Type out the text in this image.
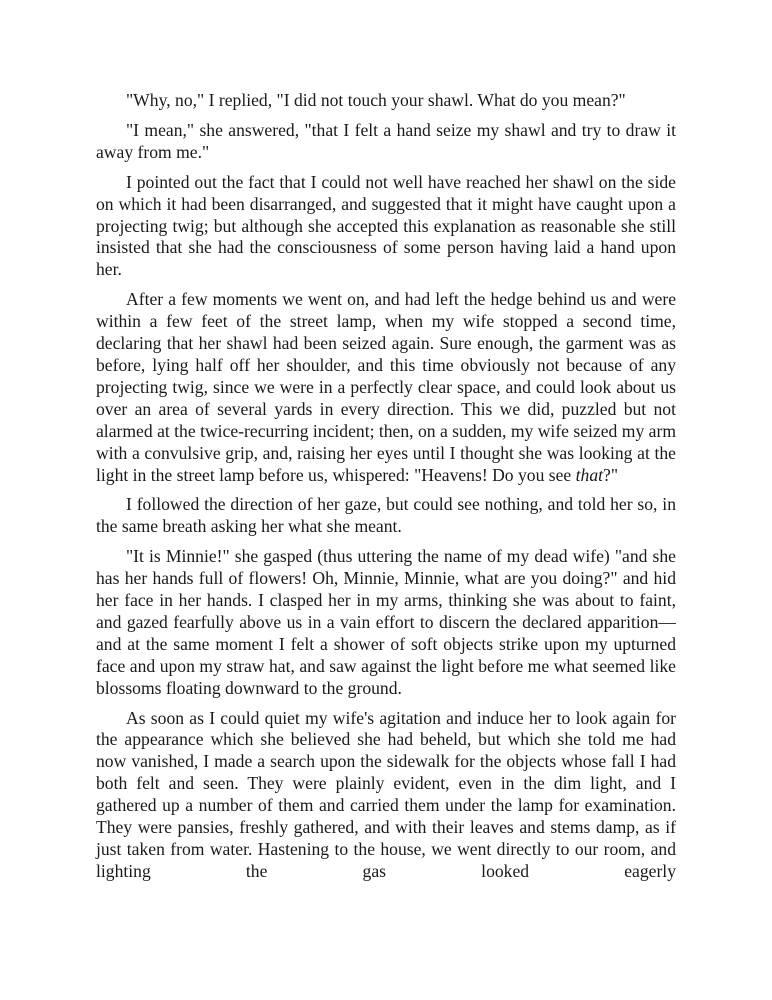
"Why, no," I replied, "I did not touch your shawl. What do you mean?"

"I mean," she answered, "that I felt a hand seize my shawl and try to draw it away from me."

I pointed out the fact that I could not well have reached her shawl on the side on which it had been disarranged, and suggested that it might have caught upon a projecting twig; but although she accepted this explanation as reasonable she still insisted that she had the consciousness of some person having laid a hand upon her.

After a few moments we went on, and had left the hedge behind us and were within a few feet of the street lamp, when my wife stopped a second time, declaring that her shawl had been seized again. Sure enough, the garment was as before, lying half off her shoulder, and this time obviously not because of any projecting twig, since we were in a perfectly clear space, and could look about us over an area of several yards in every direction. This we did, puzzled but not alarmed at the twice-recurring incident; then, on a sudden, my wife seized my arm with a convulsive grip, and, raising her eyes until I thought she was looking at the light in the street lamp before us, whispered: "Heavens! Do you see that?"

I followed the direction of her gaze, but could see nothing, and told her so, in the same breath asking her what she meant.

"It is Minnie!" she gasped (thus uttering the name of my dead wife) "and she has her hands full of flowers! Oh, Minnie, Minnie, what are you doing?" and hid her face in her hands. I clasped her in my arms, thinking she was about to faint, and gazed fearfully above us in a vain effort to discern the declared apparition—and at the same moment I felt a shower of soft objects strike upon my upturned face and upon my straw hat, and saw against the light before me what seemed like blossoms floating downward to the ground.

As soon as I could quiet my wife's agitation and induce her to look again for the appearance which she believed she had beheld, but which she told me had now vanished, I made a search upon the sidewalk for the objects whose fall I had both felt and seen. They were plainly evident, even in the dim light, and I gathered up a number of them and carried them under the lamp for examination. They were pansies, freshly gathered, and with their leaves and stems damp, as if just taken from water. Hastening to the house, we went directly to our room, and lighting the gas looked eagerly
